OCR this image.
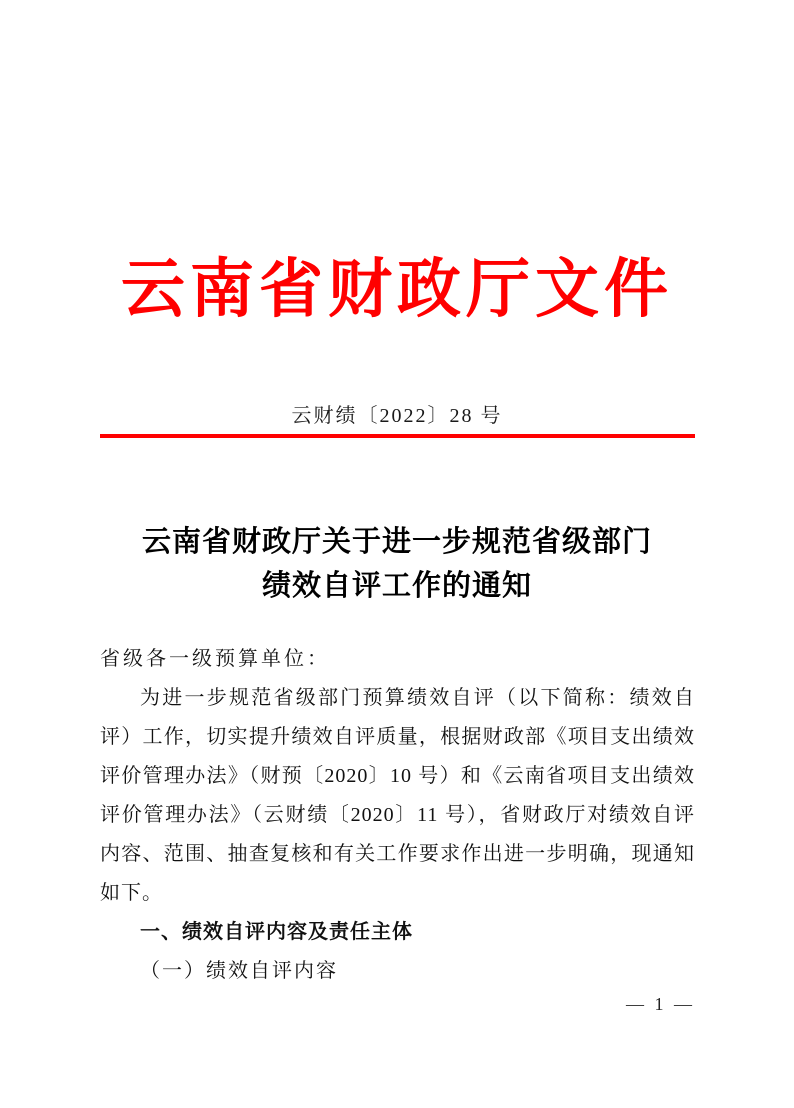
云南省财政厅文件
云财绩〔2022〕28 号
云南省财政厅关于进一步规范省级部门
绩效自评工作的通知
省级各一级预算单位：
为进一步规范省级部门预算绩效自评（以下简称：绩效自评）工作，切实提升绩效自评质量，根据财政部《项目支出绩效评价管理办法》（财预〔2020〕10 号）和《云南省项目支出绩效评价管理办法》（云财绩〔2020〕11 号），省财政厅对绩效自评内容、范围、抽查复核和有关工作要求作出进一步明确，现通知如下。
一、绩效自评内容及责任主体
（一）绩效自评内容
— 1 —
